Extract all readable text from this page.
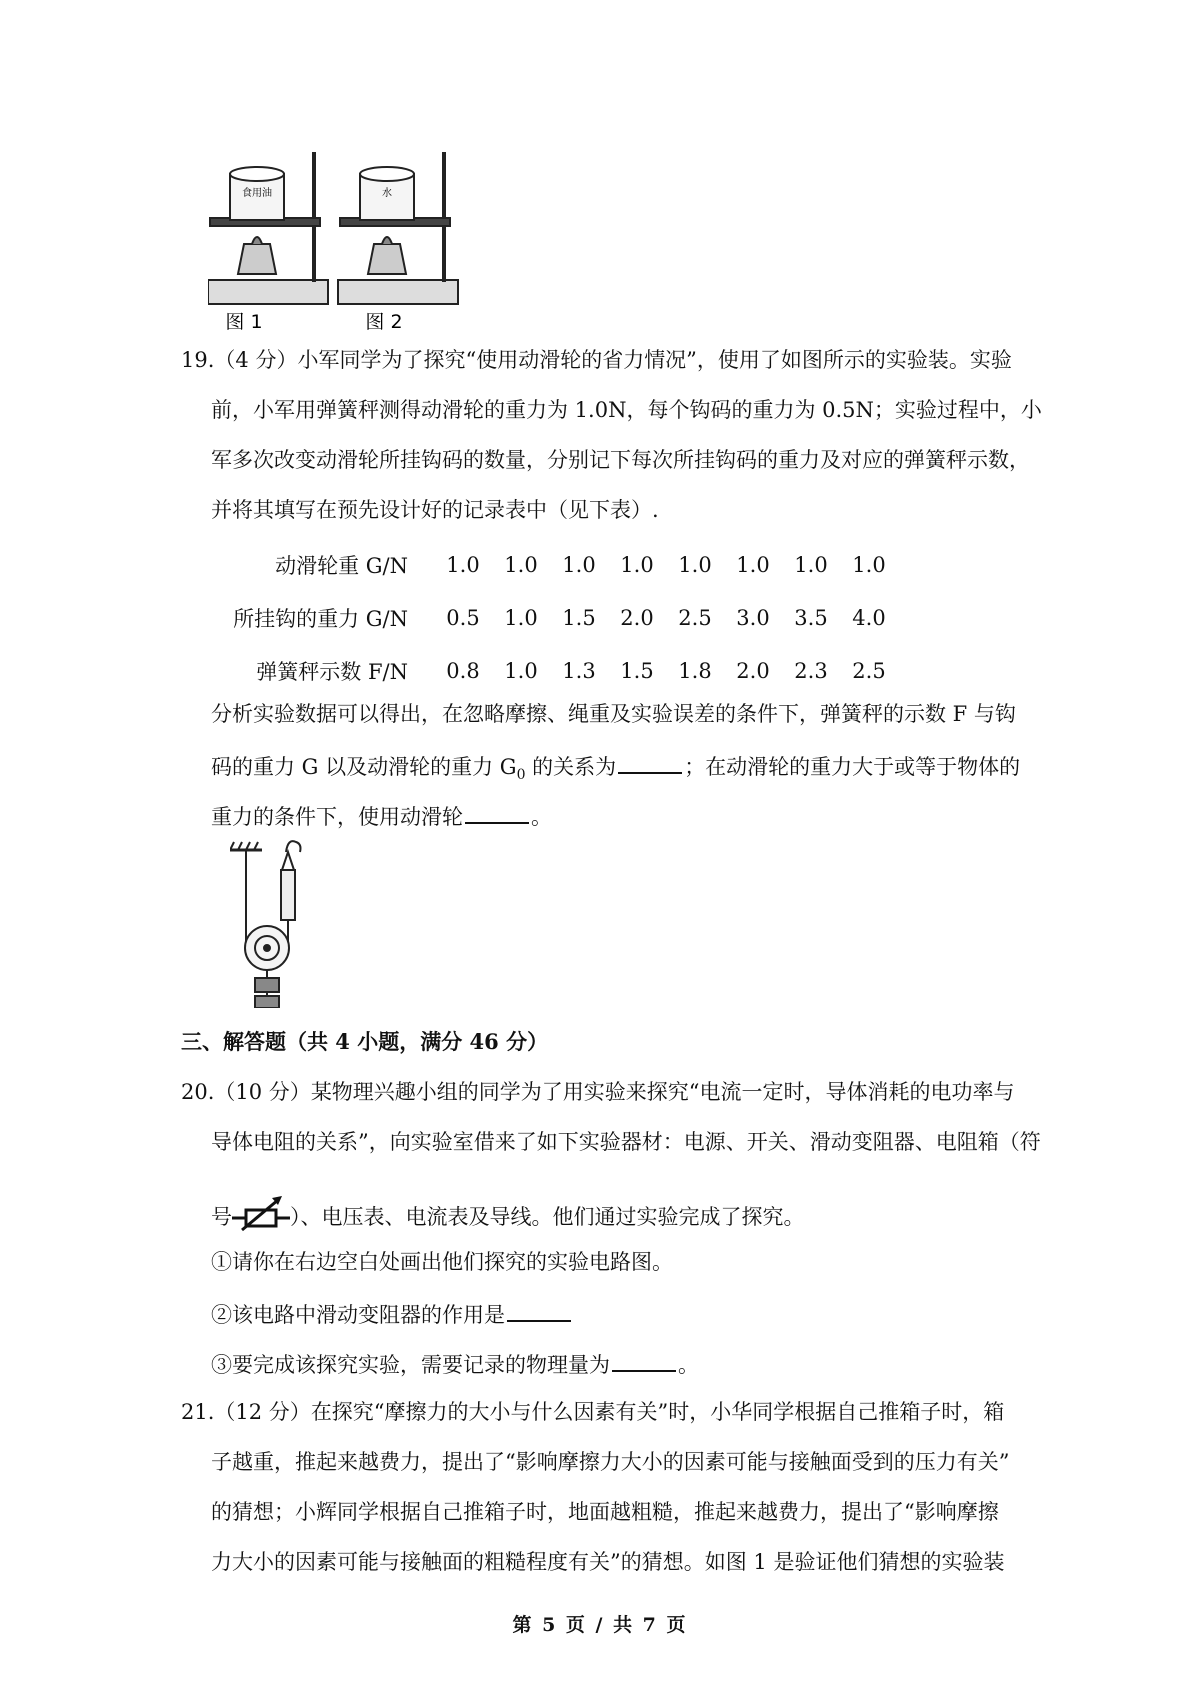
食用油	水
图 1	图 2
19.（4 分）小军同学为了探究“使用动滑轮的省力情况”，使用了如图所示的实验装。实验
前，小军用弹簧秤测得动滑轮的重力为 1.0N，每个钩码的重力为 0.5N；实验过程中，小
军多次改变动滑轮所挂钩码的数量，分别记下每次所挂钩码的重力及对应的弹簧秤示数，
并将其填写在预先设计好的记录表中（见下表）.
动滑轮重 G/N	1.0	1.0	1.0	1.0	1.0	1.0	1.0	1.0
所挂钩的重力 G/N	0.5	1.0	1.5	2.0	2.5	3.0	3.5	4.0
弹簧秤示数 F/N	0.8	1.0	1.3	1.5	1.8	2.0	2.3	2.5
分析实验数据可以得出，在忽略摩擦、绳重及实验误差的条件下，弹簧秤的示数 F 与钩
码的重力 G 以及动滑轮的重力 $G_0$ 的关系为	；在动滑轮的重力大于或等于物体的
重力的条件下，使用动滑轮	。
三、解答题（共 4 小题，满分 46 分）
20.（10 分）某物理兴趣小组的同学为了用实验来探究“电流一定时，导体消耗的电功率与
导体电阻的关系”，向实验室借来了如下实验器材：电源、开关、滑动变阻器、电阻箱（符
号	）、电压表、电流表及导线。他们通过实验完成了探究。
①请你在右边空白处画出他们探究的实验电路图。
②该电路中滑动变阻器的作用是
③要完成该探究实验，需要记录的物理量为	。
21.（12 分）在探究“摩擦力的大小与什么因素有关”时，小华同学根据自己推箱子时，箱
子越重，推起来越费力，提出了“影响摩擦力大小的因素可能与接触面受到的压力有关”
的猜想；小辉同学根据自己推箱子时，地面越粗糙，推起来越费力，提出了“影响摩擦
力大小的因素可能与接触面的粗糙程度有关”的猜想。如图 1 是验证他们猜想的实验装
第 5 页 / 共 7 页
